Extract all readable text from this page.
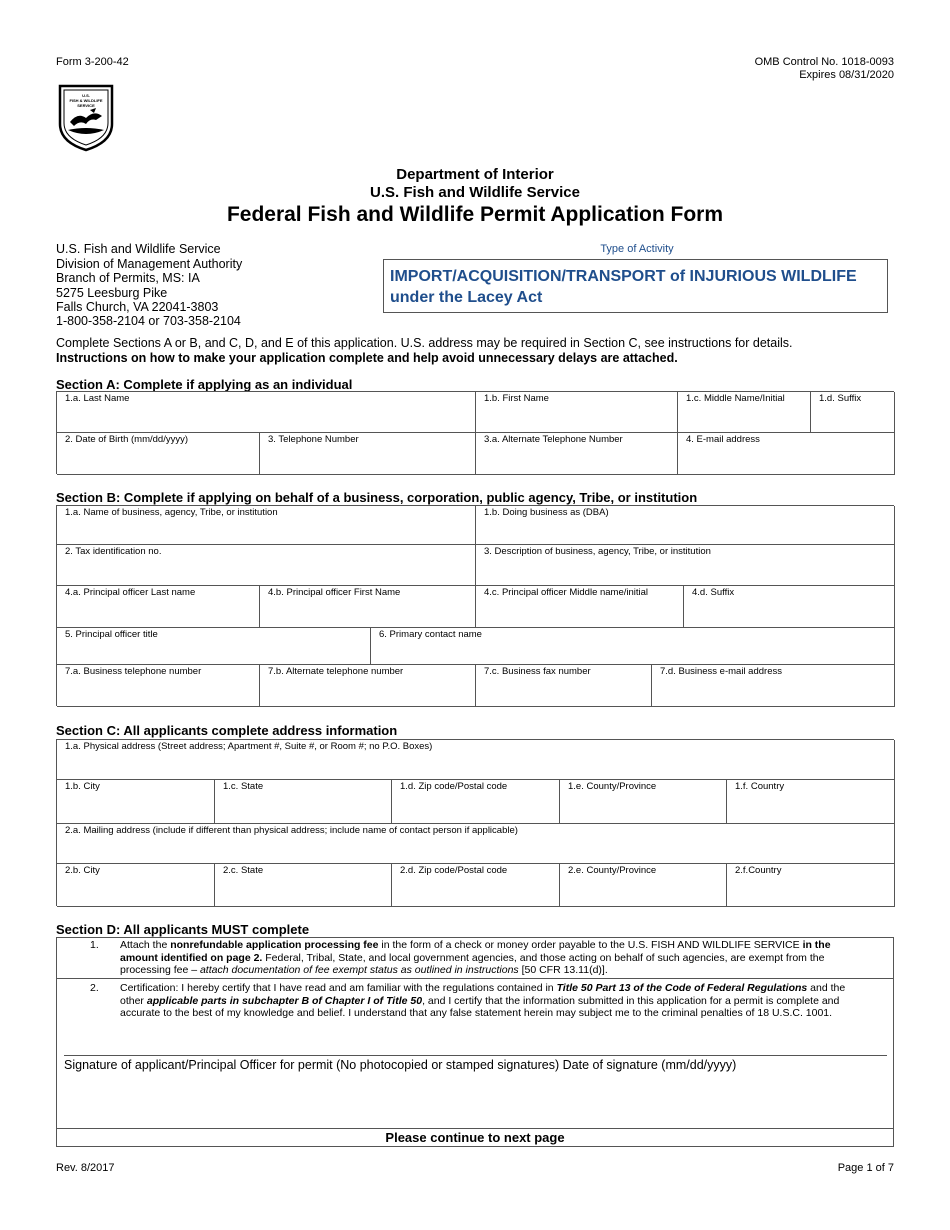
Form 3-200-42	OMB Control No. 1018-0093
Expires 08/31/2020
U.S.
FISH & WILDLIFE
SERVICE
Department of Interior
U.S. Fish and Wildlife Service
Federal Fish and Wildlife Permit Application Form
U.S. Fish and Wildlife Service
Division of Management Authority
Branch of Permits, MS: IA
5275 Leesburg Pike
Falls Church, VA 22041-3803
1-800-358-2104 or 703-358-2104
Type of Activity
IMPORT/ACQUISITION/TRANSPORT of INJURIOUS WILDLIFE
under the Lacey Act
Complete Sections A or B, and C, D, and E of this application. U.S. address may be required in Section C, see instructions for details.
Instructions on how to make your application complete and help avoid unnecessary delays are attached.
Section A: Complete if applying as an individual
1.a. Last Name	1.b. First Name	1.c. Middle Name/Initial	1.d. Suffix
2. Date of Birth (mm/dd/yyyy)	3. Telephone Number	3.a. Alternate Telephone Number	4. E-mail address
Section B: Complete if applying on behalf of a business, corporation, public agency, Tribe, or institution
1.a. Name of business, agency, Tribe, or institution	1.b. Doing business as (DBA)
2. Tax identification no.	3. Description of business, agency, Tribe, or institution
4.a. Principal officer Last name	4.b. Principal officer First Name	4.c. Principal officer Middle name/initial	4.d. Suffix
5. Principal officer title	6. Primary contact name
7.a. Business telephone number	7.b. Alternate telephone number	7.c. Business fax number	7.d. Business e-mail address
Section C: All applicants complete address information
1.a. Physical address (Street address; Apartment #, Suite #, or Room #; no P.O. Boxes)
1.b. City	1.c. State	1.d. Zip code/Postal code	1.e. County/Province	1.f. Country
2.a. Mailing address (include if different than physical address; include name of contact person if applicable)
2.b. City	2.c. State	2.d. Zip code/Postal code	2.e. County/Province	2.f.Country
Section D: All applicants MUST complete
1. Attach the nonrefundable application processing fee in the form of a check or money order payable to the U.S. FISH AND WILDLIFE SERVICE in the amount identified on page 2. Federal, Tribal, State, and local government agencies, and those acting on behalf of such agencies, are exempt from the processing fee – attach documentation of fee exempt status as outlined in instructions [50 CFR 13.11(d)].
2. Certification: I hereby certify that I have read and am familiar with the regulations contained in Title 50 Part 13 of the Code of Federal Regulations and the other applicable parts in subchapter B of Chapter I of Title 50, and I certify that the information submitted in this application for a permit is complete and accurate to the best of my knowledge and belief. I understand that any false statement herein may subject me to the criminal penalties of 18 U.S.C. 1001.
Signature of applicant/Principal Officer for permit (No photocopied or stamped signatures) Date of signature (mm/dd/yyyy)
Please continue to next page
Rev. 8/2017	Page 1 of 7
